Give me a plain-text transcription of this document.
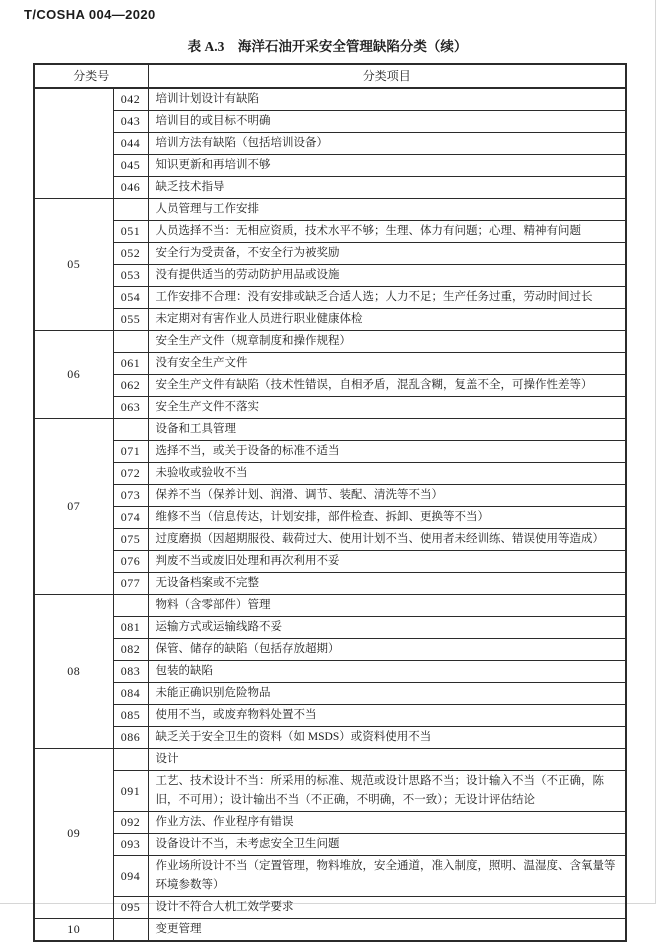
T/COSHA 004—2020
表 A.3　海洋石油开采安全管理缺陷分类（续）
分类号		分类项目
	042	培训计划设计有缺陷
	043	培训目的或目标不明确
	044	培训方法有缺陷（包括培训设备）
	045	知识更新和再培训不够
	046	缺乏技术指导
05		人员管理与工作安排
	051	人员选择不当：无相应资质，技术水平不够；生理、体力有问题；心理、精神有问题
	052	安全行为受责备，不安全行为被奖励
	053	没有提供适当的劳动防护用品或设施
	054	工作安排不合理：没有安排或缺乏合适人选；人力不足；生产任务过重，劳动时间过长
	055	未定期对有害作业人员进行职业健康体检
06		安全生产文件（规章制度和操作规程）
	061	没有安全生产文件
	062	安全生产文件有缺陷（技术性错误，自相矛盾，混乱含糊，复盖不全，可操作性差等）
	063	安全生产文件不落实
07		设备和工具管理
	071	选择不当，或关于设备的标准不适当
	072	未验收或验收不当
	073	保养不当（保养计划、润滑、调节、装配、清洗等不当）
	074	维修不当（信息传达，计划安排，部件检查、拆卸、更换等不当）
	075	过度磨损（因超期服役、载荷过大、使用计划不当、使用者未经训练、错误使用等造成）
	076	判废不当或废旧处理和再次利用不妥
	077	无设备档案或不完整
08		物料（含零部件）管理
	081	运输方式或运输线路不妥
	082	保管、储存的缺陷（包括存放超期）
	083	包装的缺陷
	084	未能正确识别危险物品
	085	使用不当，或废弃物料处置不当
	086	缺乏关于安全卫生的资料（如 MSDS）或资料使用不当
09		设计
	091	工艺、技术设计不当：所采用的标准、规范或设计思路不当；设计输入不当（不正确，陈旧，不可用）；设计输出不当（不正确，不明确，不一致）；无设计评估结论
	092	作业方法、作业程序有错误
	093	设备设计不当，未考虑安全卫生问题
	094	作业场所设计不当（定置管理，物料堆放，安全通道，准入制度，照明、温湿度、含氧量等环境参数等）
	095	设计不符合人机工效学要求
10		变更管理
